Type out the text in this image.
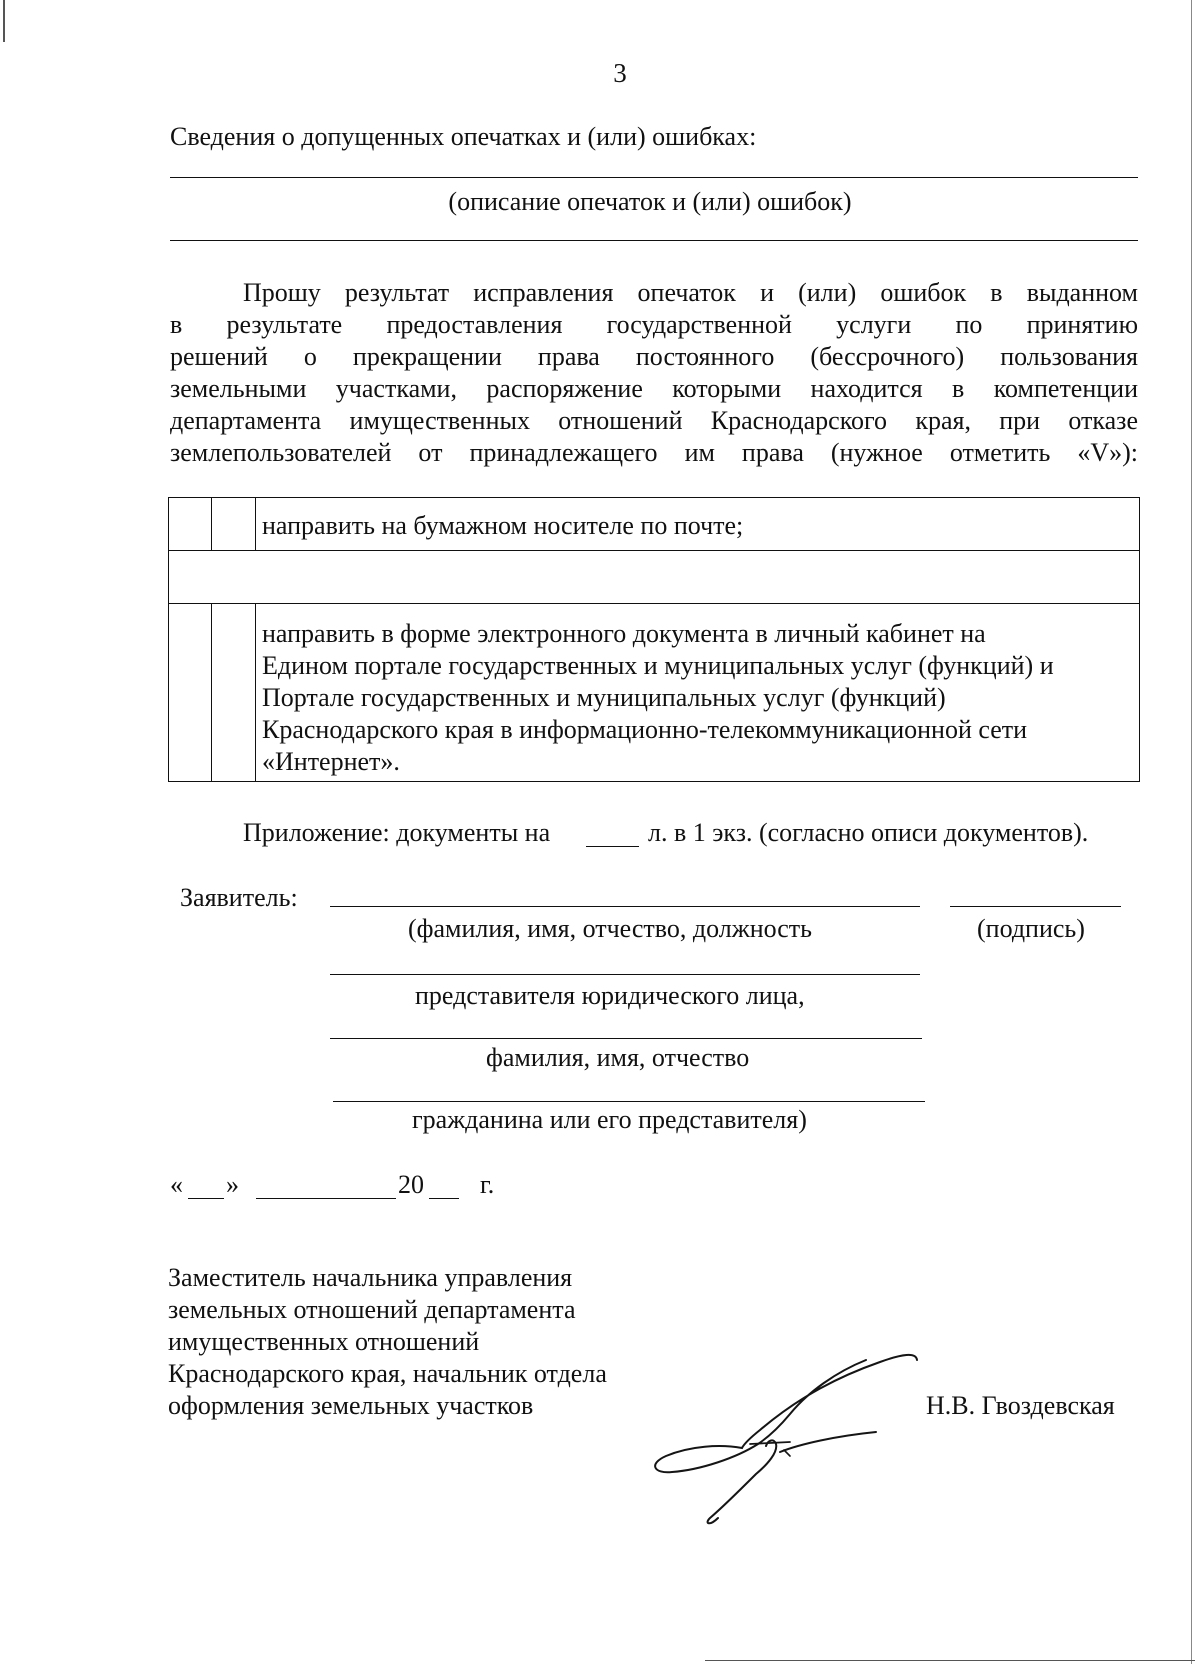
3
Сведения о допущенных опечатках и (или) ошибках:
(описание опечаток и (или) ошибок)
Прошу результат исправления опечаток и (или) ошибок в выданном
в результате предоставления государственной услуги по принятию
решений о прекращении права постоянного (бессрочного) пользования
земельными участками, распоряжение которыми находится в компетенции
департамента имущественных отношений Краснодарского края, при отказе
землепользователей от принадлежащего им права (нужное отметить «V»):
направить на бумажном носителе по почте;
направить в форме электронного документа в личный кабинет на
Едином портале государственных и муниципальных услуг (функций) и
Портале государственных и муниципальных услуг (функций)
Краснодарского края в информационно-телекоммуникационной сети
«Интернет».
Приложение: документы на	л. в 1 экз. (согласно описи документов).
Заявитель:
(фамилия, имя, отчество, должность	(подпись)
представителя юридического лица,
фамилия, имя, отчество
гражданина или его представителя)
« »	20 г.
Заместитель начальника управления
земельных отношений департамента
имущественных отношений
Краснодарского края, начальник отдела
оформления земельных участков	Н.В. Гвоздевская
